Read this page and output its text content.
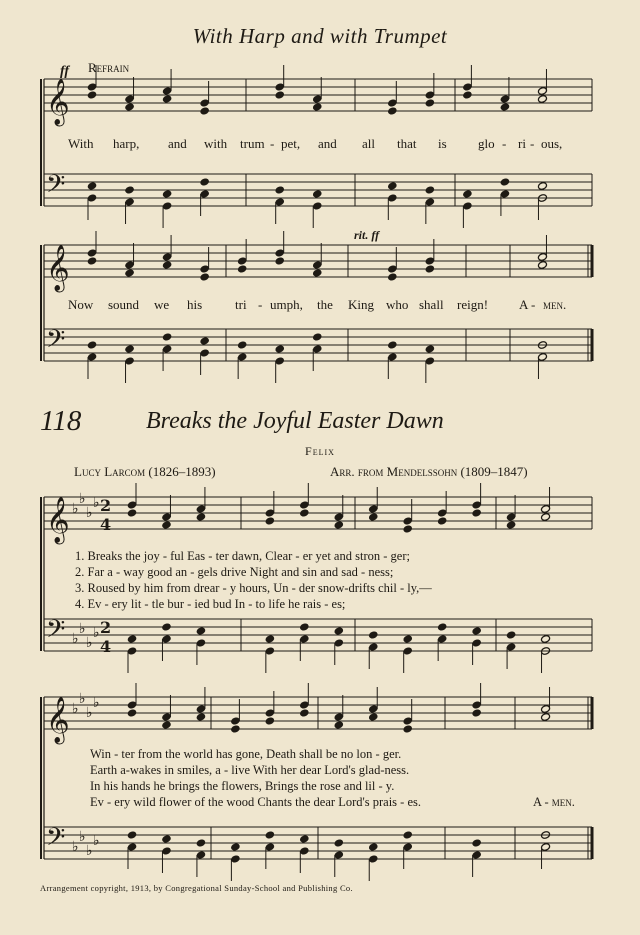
With Harp and with Trumpet
ff Refrain
𝄞
𝄢
𝄞
𝄢
𝄞
𝄢
𝄞
𝄢
♭
♭
♭
♭
♭
♭
♭
♭
♭
♭
♭
♭
♭
♭
♭
♭
2
4
2
4
With harp, and with trum - pet, and all that is glo - ri - ous,
rit. ff
Now sound we his	tri - umph, the King who shall reign! A - men.
118	Breaks the Joyful Easter Dawn
Felix
Lucy Larcom (1826–1893)	Arr. from Mendelssohn (1809–1847)
1. Breaks the joy - ful Eas - ter dawn, Clear - er yet and stron - ger;
2. Far a - way good an - gels drive Night and sin and sad - ness;
3. Roused by him from drear - y hours, Un - der snow-drifts chil - ly,—
4. Ev - ery lit - tle bur - ied bud In - to life he rais - es;
Win - ter from the world has gone, Death shall be no lon - ger.
Earth a-wakes in smiles, a - live With her dear Lord's glad-ness.
In his hands he brings the flowers, Brings the rose and lil - y.
Ev - ery wild flower of the wood Chants the dear Lord's prais - es.	A - men.
Arrangement copyright, 1913, by Congregational Sunday-School and Publishing Co.
